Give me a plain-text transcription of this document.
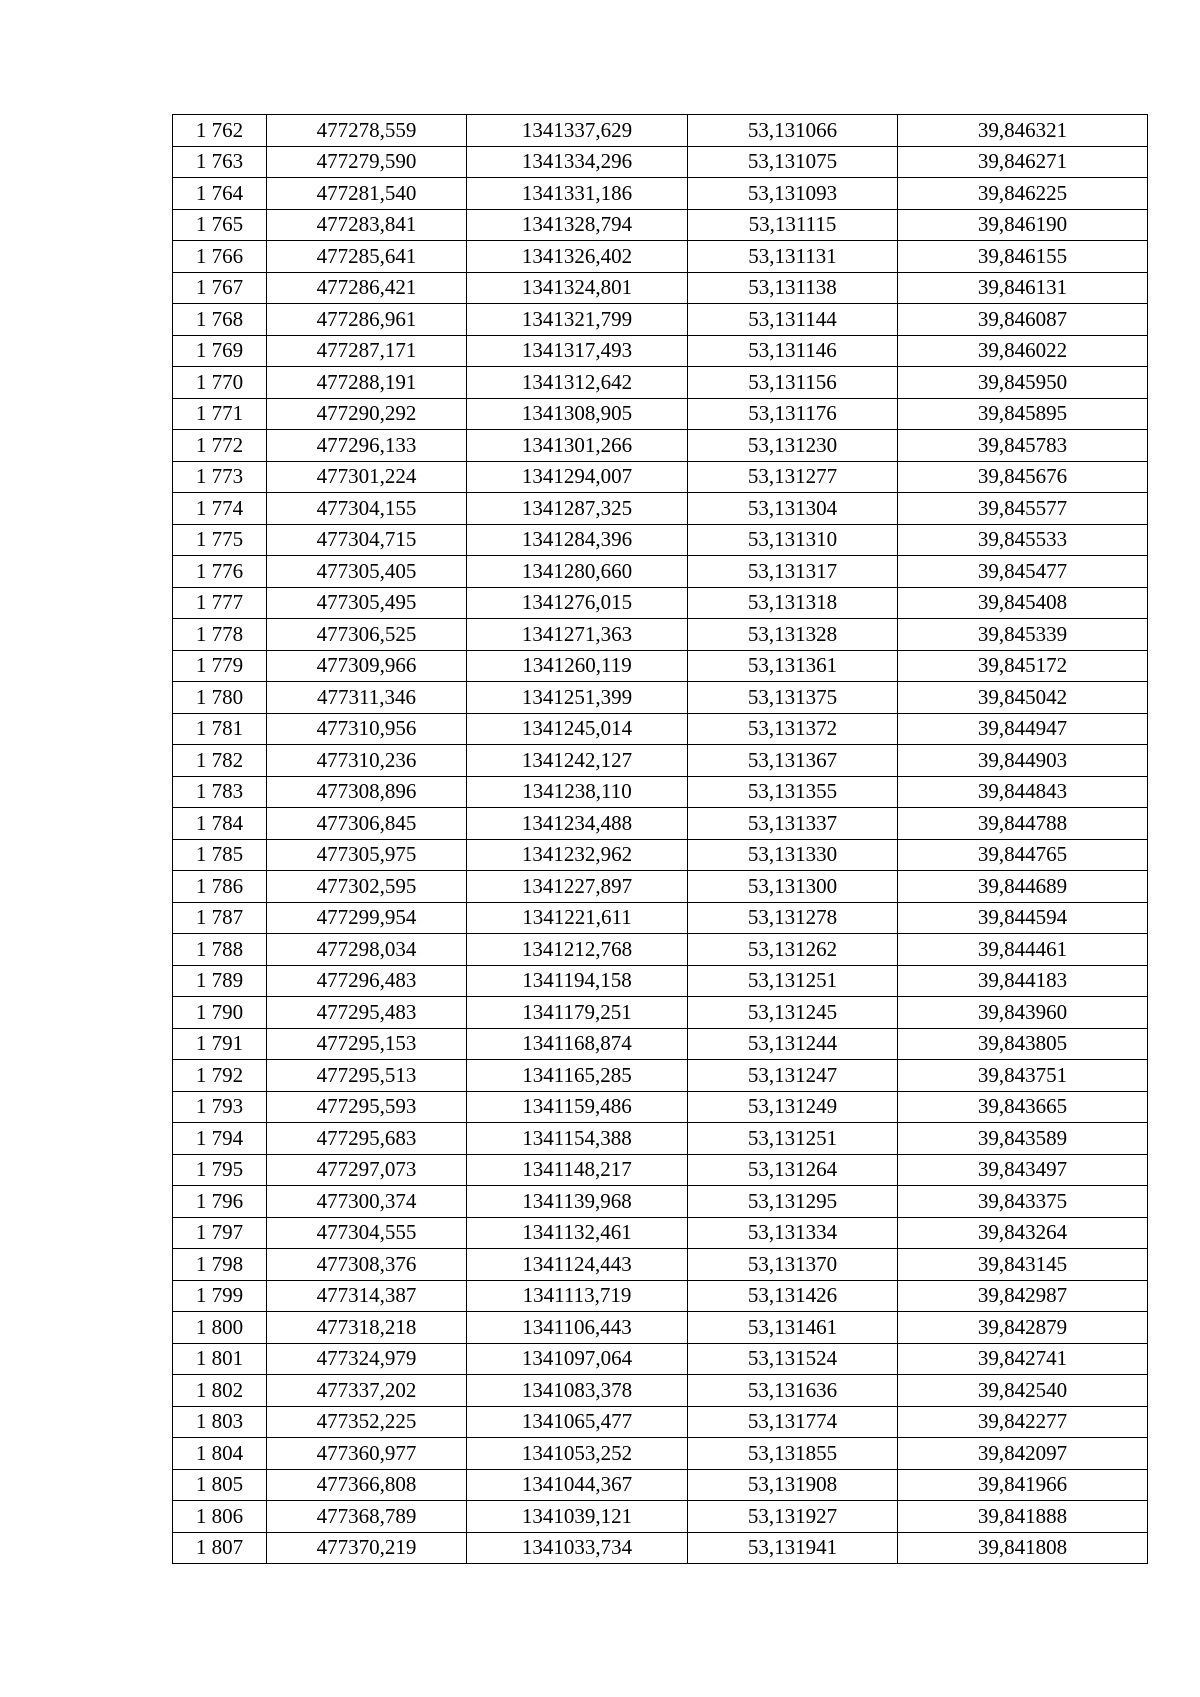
1 762	477278,559	1341337,629	53,131066	39,846321
1 763	477279,590	1341334,296	53,131075	39,846271
1 764	477281,540	1341331,186	53,131093	39,846225
1 765	477283,841	1341328,794	53,131115	39,846190
1 766	477285,641	1341326,402	53,131131	39,846155
1 767	477286,421	1341324,801	53,131138	39,846131
1 768	477286,961	1341321,799	53,131144	39,846087
1 769	477287,171	1341317,493	53,131146	39,846022
1 770	477288,191	1341312,642	53,131156	39,845950
1 771	477290,292	1341308,905	53,131176	39,845895
1 772	477296,133	1341301,266	53,131230	39,845783
1 773	477301,224	1341294,007	53,131277	39,845676
1 774	477304,155	1341287,325	53,131304	39,845577
1 775	477304,715	1341284,396	53,131310	39,845533
1 776	477305,405	1341280,660	53,131317	39,845477
1 777	477305,495	1341276,015	53,131318	39,845408
1 778	477306,525	1341271,363	53,131328	39,845339
1 779	477309,966	1341260,119	53,131361	39,845172
1 780	477311,346	1341251,399	53,131375	39,845042
1 781	477310,956	1341245,014	53,131372	39,844947
1 782	477310,236	1341242,127	53,131367	39,844903
1 783	477308,896	1341238,110	53,131355	39,844843
1 784	477306,845	1341234,488	53,131337	39,844788
1 785	477305,975	1341232,962	53,131330	39,844765
1 786	477302,595	1341227,897	53,131300	39,844689
1 787	477299,954	1341221,611	53,131278	39,844594
1 788	477298,034	1341212,768	53,131262	39,844461
1 789	477296,483	1341194,158	53,131251	39,844183
1 790	477295,483	1341179,251	53,131245	39,843960
1 791	477295,153	1341168,874	53,131244	39,843805
1 792	477295,513	1341165,285	53,131247	39,843751
1 793	477295,593	1341159,486	53,131249	39,843665
1 794	477295,683	1341154,388	53,131251	39,843589
1 795	477297,073	1341148,217	53,131264	39,843497
1 796	477300,374	1341139,968	53,131295	39,843375
1 797	477304,555	1341132,461	53,131334	39,843264
1 798	477308,376	1341124,443	53,131370	39,843145
1 799	477314,387	1341113,719	53,131426	39,842987
1 800	477318,218	1341106,443	53,131461	39,842879
1 801	477324,979	1341097,064	53,131524	39,842741
1 802	477337,202	1341083,378	53,131636	39,842540
1 803	477352,225	1341065,477	53,131774	39,842277
1 804	477360,977	1341053,252	53,131855	39,842097
1 805	477366,808	1341044,367	53,131908	39,841966
1 806	477368,789	1341039,121	53,131927	39,841888
1 807	477370,219	1341033,734	53,131941	39,841808
